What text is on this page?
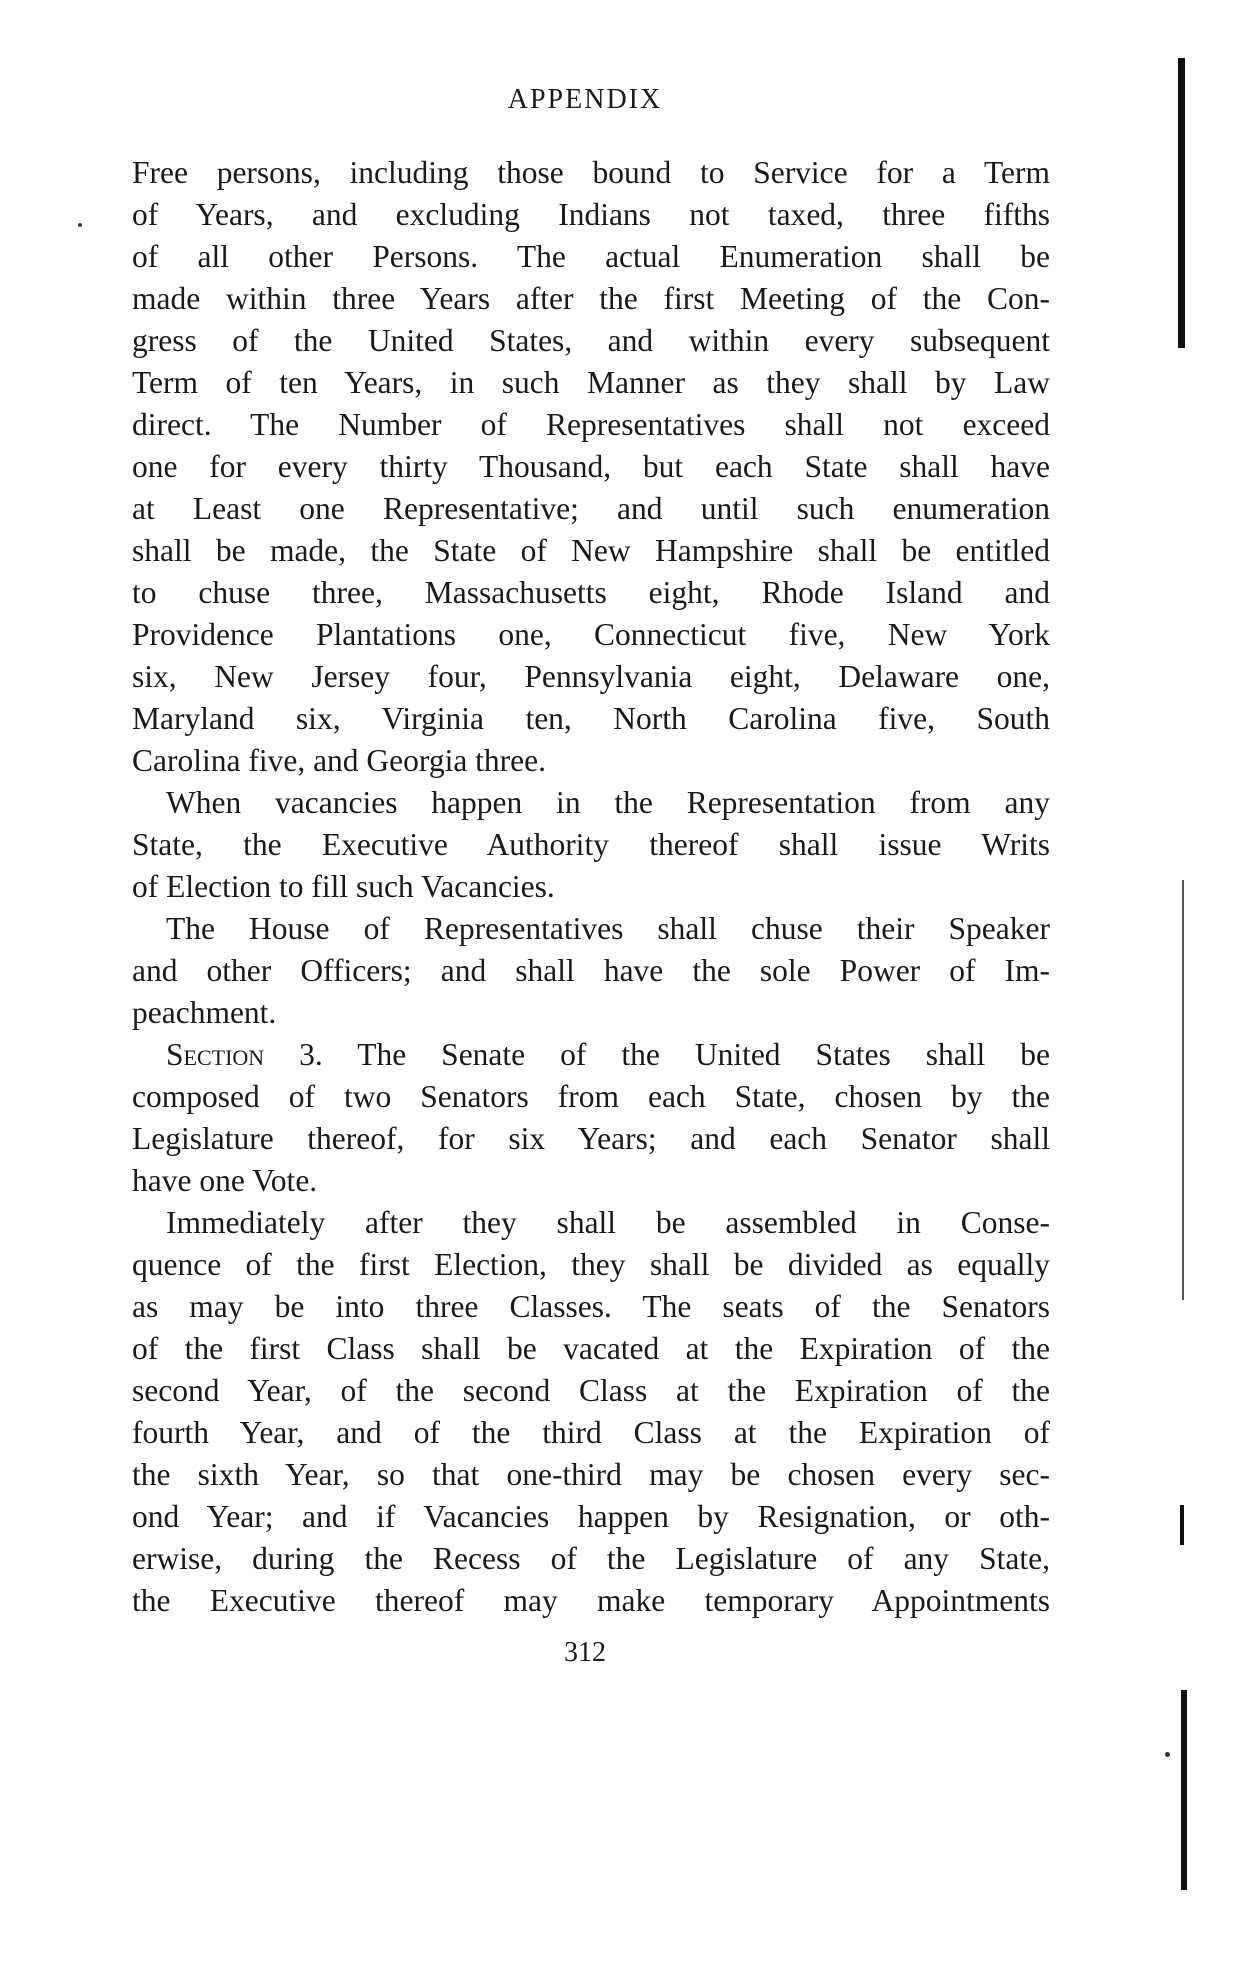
APPENDIX
Free persons, including those bound to Service for a Term
of Years, and excluding Indians not taxed, three fifths
of all other Persons. The actual Enumeration shall be
made within three Years after the first Meeting of the Con-
gress of the United States, and within every subsequent
Term of ten Years, in such Manner as they shall by Law
direct. The Number of Representatives shall not exceed
one for every thirty Thousand, but each State shall have
at Least one Representative; and until such enumeration
shall be made, the State of New Hampshire shall be entitled
to chuse three, Massachusetts eight, Rhode Island and
Providence Plantations one, Connecticut five, New York
six, New Jersey four, Pennsylvania eight, Delaware one,
Maryland six, Virginia ten, North Carolina five, South
Carolina five, and Georgia three.
When vacancies happen in the Representation from any
State, the Executive Authority thereof shall issue Writs
of Election to fill such Vacancies.
The House of Representatives shall chuse their Speaker
and other Officers; and shall have the sole Power of Im-
peachment.
Section 3. The Senate of the United States shall be
composed of two Senators from each State, chosen by the
Legislature thereof, for six Years; and each Senator shall
have one Vote.
Immediately after they shall be assembled in Conse-
quence of the first Election, they shall be divided as equally
as may be into three Classes. The seats of the Senators
of the first Class shall be vacated at the Expiration of the
second Year, of the second Class at the Expiration of the
fourth Year, and of the third Class at the Expiration of
the sixth Year, so that one-third may be chosen every sec-
ond Year; and if Vacancies happen by Resignation, or oth-
erwise, during the Recess of the Legislature of any State,
the Executive thereof may make temporary Appointments
312
